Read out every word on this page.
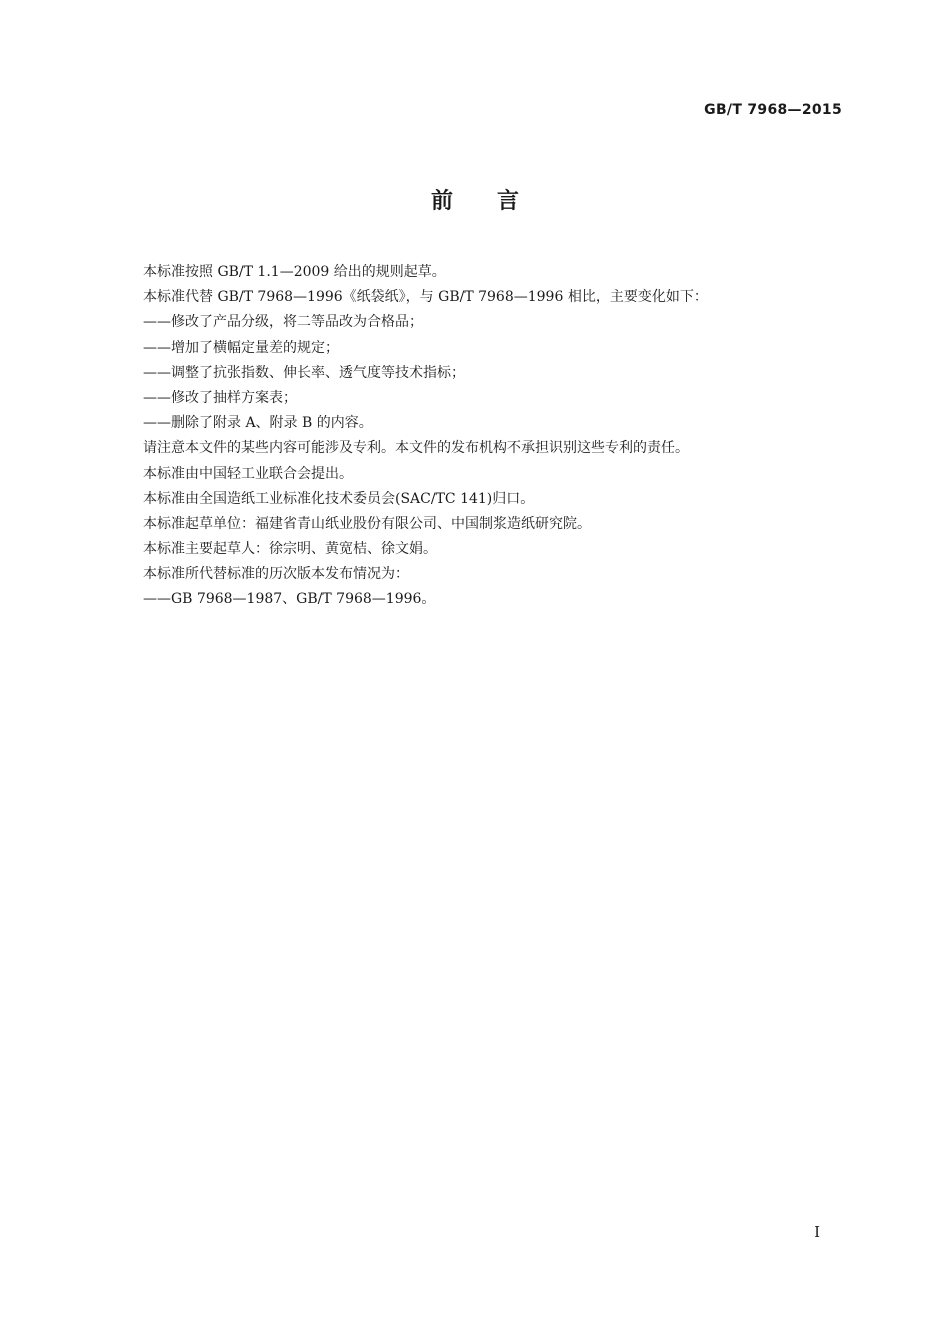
GB/T 7968—2015
前言
本标准按照 GB/T 1.1—2009 给出的规则起草。
本标准代替 GB/T 7968—1996《纸袋纸》，与 GB/T 7968—1996 相比，主要变化如下：
——修改了产品分级，将二等品改为合格品；
——增加了横幅定量差的规定；
——调整了抗张指数、伸长率、透气度等技术指标；
——修改了抽样方案表；
——删除了附录 A、附录 B 的内容。
请注意本文件的某些内容可能涉及专利。本文件的发布机构不承担识别这些专利的责任。
本标准由中国轻工业联合会提出。
本标准由全国造纸工业标准化技术委员会(SAC/TC 141)归口。
本标准起草单位：福建省青山纸业股份有限公司、中国制浆造纸研究院。
本标准主要起草人：徐宗明、黄宽桔、徐文娟。
本标准所代替标准的历次版本发布情况为：
——GB 7968—1987、GB/T 7968—1996。
I
